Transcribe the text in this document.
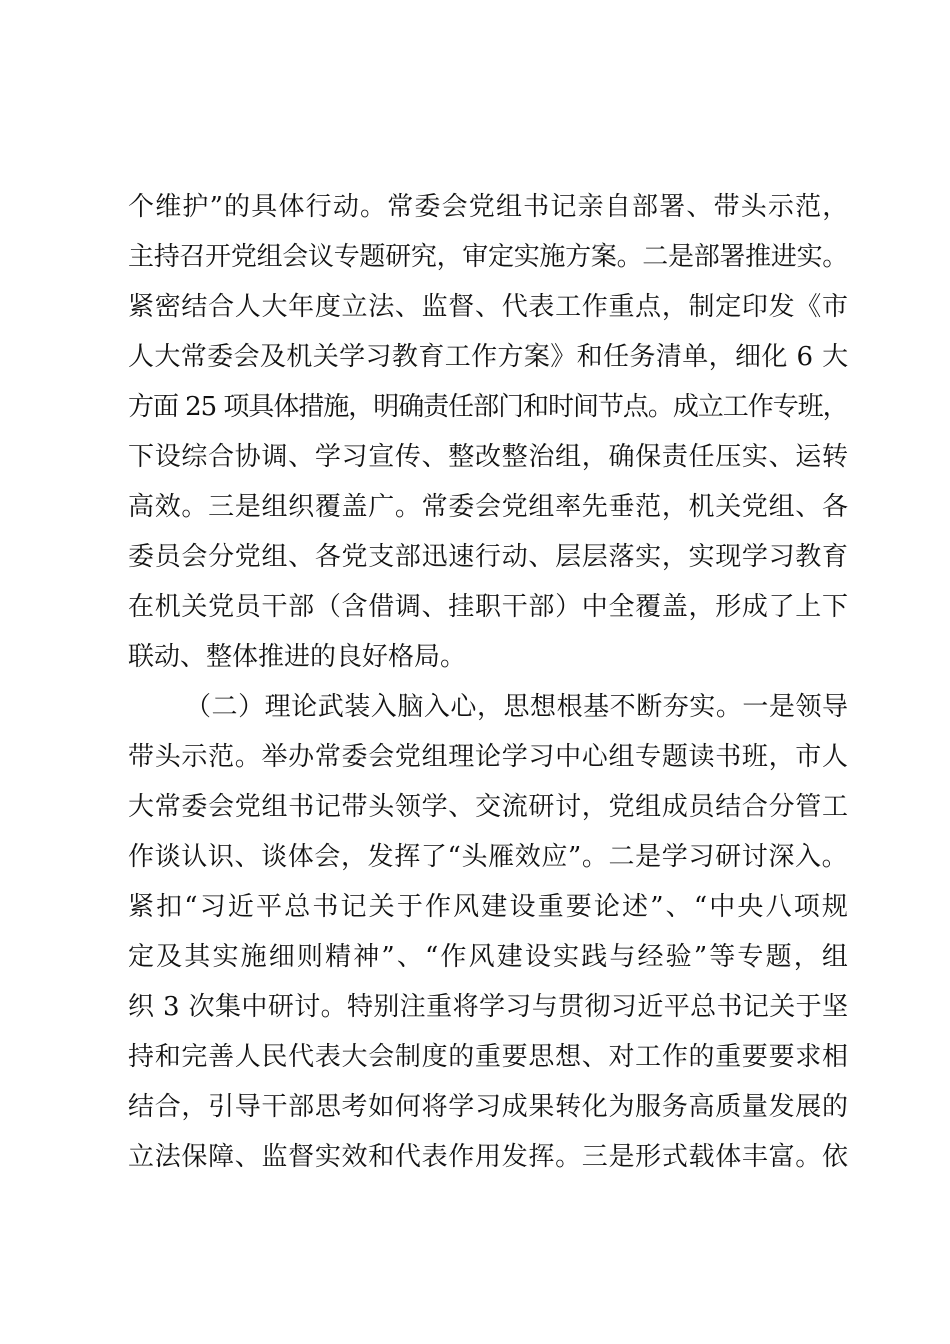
个维护”的具体行动。常委会党组书记亲自部署、带头示范，
主持召开党组会议专题研究，审定实施方案。二是部署推进实。
紧密结合人大年度立法、监督、代表工作重点，制定印发《市
人大常委会及机关学习教育工作方案》和任务清单，细化 6 大
方面 25 项具体措施，明确责任部门和时间节点。成立工作专班，
下设综合协调、学习宣传、整改整治组，确保责任压实、运转
高效。三是组织覆盖广。常委会党组率先垂范，机关党组、各
委员会分党组、各党支部迅速行动、层层落实，实现学习教育
在机关党员干部（含借调、挂职干部）中全覆盖，形成了上下
联动、整体推进的良好格局。
（二）理论武装入脑入心，思想根基不断夯实。一是领导
带头示范。举办常委会党组理论学习中心组专题读书班，市人
大常委会党组书记带头领学、交流研讨，党组成员结合分管工
作谈认识、谈体会，发挥了“头雁效应”。二是学习研讨深入。
紧扣“习近平总书记关于作风建设重要论述”、“中央八项规
定及其实施细则精神”、“作风建设实践与经验”等专题，组
织 3 次集中研讨。特别注重将学习与贯彻习近平总书记关于坚
持和完善人民代表大会制度的重要思想、对工作的重要要求相
结合，引导干部思考如何将学习成果转化为服务高质量发展的
立法保障、监督实效和代表作用发挥。三是形式载体丰富。依
